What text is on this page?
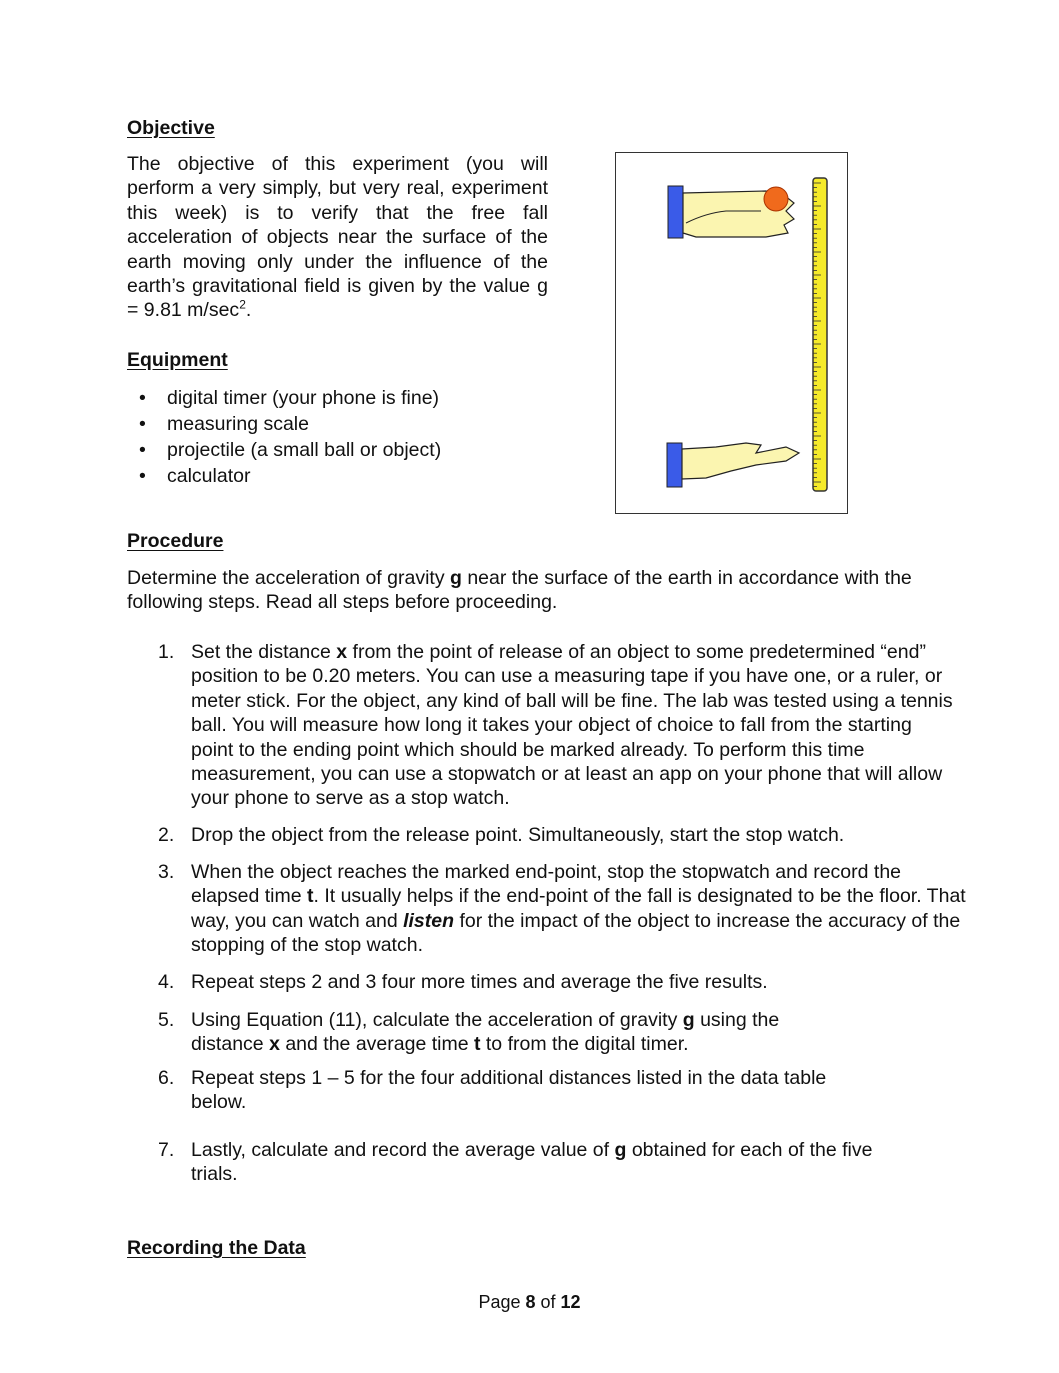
Objective

The objective of this experiment (you will perform a very simply, but very real, experiment this week) is to verify that the free fall acceleration of objects near the surface of the earth moving only under the influence of the earth’s gravitational field is given by the value g = 9.81 $m/\sec^2$.

Equipment
• digital timer (your phone is fine)
• measuring scale
• projectile (a small ball or object)
• calculator
Procedure

Determine the acceleration of gravity g near the surface of the earth in accordance with the following steps. Read all steps before proceeding.

1. Set the distance x from the point of release of an object to some predetermined “end” position to be 0.20 meters. You can use a measuring tape if you have one, or a ruler, or meter stick. For the object, any kind of ball will be fine. The lab was tested using a tennis ball. You will measure how long it takes your object of choice to fall from the starting point to the ending point which should be marked already. To perform this time measurement, you can use a stopwatch or at least an app on your phone that will allow your phone to serve as a stop watch.
2. Drop the object from the release point. Simultaneously, start the stop watch.
3. When the object reaches the marked end-point, stop the stopwatch and record the elapsed time t. It usually helps if the end-point of the fall is designated to be the floor. That way, you can watch and listen for the impact of the object to increase the accuracy of the stopping of the stop watch.
4. Repeat steps 2 and 3 four more times and average the five results.
5. Using Equation (11), calculate the acceleration of gravity g using the distance x and the average time t to from the digital timer.
6. Repeat steps 1 – 5 for the four additional distances listed in the data table below.
7. Lastly, calculate and record the average value of g obtained for each of the five trials.
Recording the Data
Page 8 of 12
